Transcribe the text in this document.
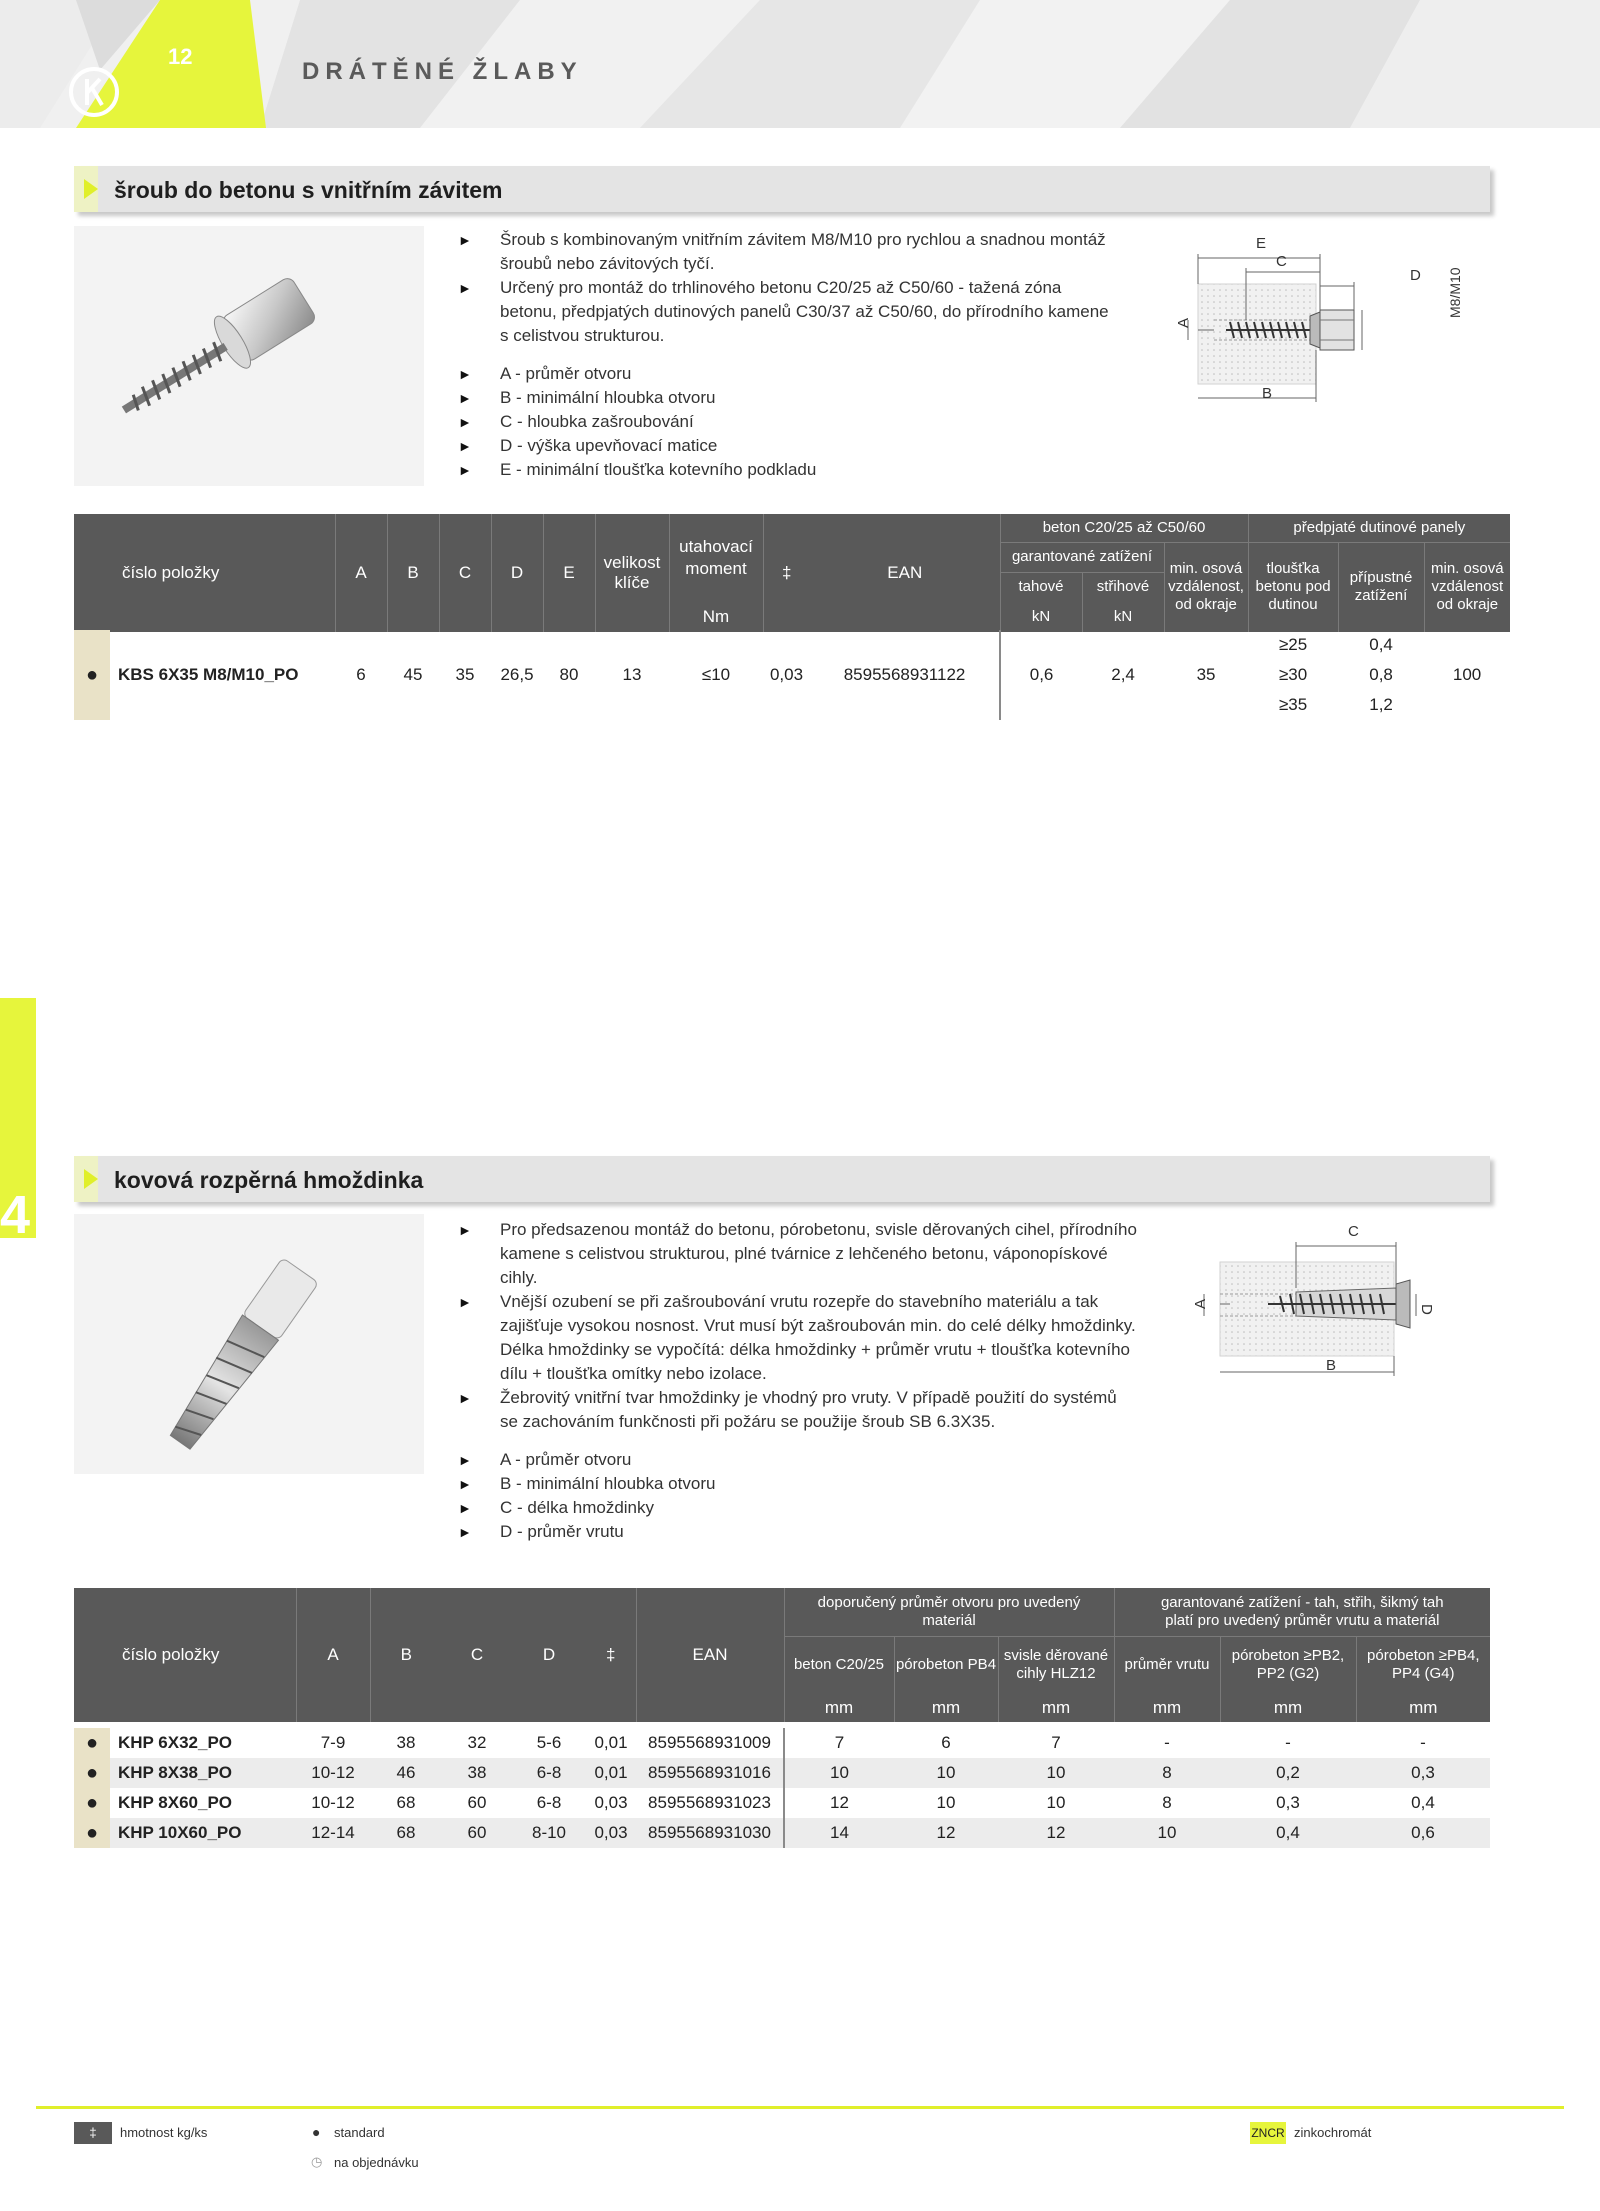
12
DRÁTĚNÉ ŽLABY
4
šroub do betonu s vnitřním závitem
► Šroub s kombinovaným vnitřním závitem M8/M10 pro rychlou a snadnou montáž šroubů nebo závitových tyčí.
► Určený pro montáž do trhlinového betonu C20/25 až C50/60 - tažená zóna betonu, předpjatých dutinových panelů C30/37 až C50/60, do přírodního kamene s celistvou strukturou.
► A - průměr otvoru
► B - minimální hloubka otvoru
► C - hloubka zašroubování
► D - výška upevňovací matice
► E - minimální tloušťka kotevního podkladu
E
C
D
B
A
M8/M10
číslo položky	A	B	C	D	E	velikost klíče	utahovací moment	‡	EAN	beton C20/25 až C50/60			předpjaté dutinové panely		
										garantované zatížení		min. osová vzdálenost, od okraje	tloušťka betonu pod dutinou	přípustné zatížení	min. osová vzdálenost od okraje
										tahové	střihové				
							Nm			kN	kN				
														≥25	0,4	
●	KBS 6X35 M8/M10_PO	6	45	35	26,5	80	13	≤10	0,03	8595568931122	0,6	2,4	35	≥30	0,8	100
														≥35	1,2	
kovová rozpěrná hmoždinka
► Pro předsazenou montáž do betonu, pórobetonu, svisle děrovaných cihel, přírodního kamene s celistvou strukturou, plné tvárnice z lehčeného betonu, váponopískové cihly.
► Vnější ozubení se při zašroubování vrutu rozepře do stavebního materiálu a tak zajišťuje vysokou nosnost. Vrut musí být zašroubován min. do celé délky hmoždinky. Délka hmoždinky se vypočítá: délka hmoždinky + průměr vrutu + tloušťka kotevního dílu + tloušťka omítky nebo izolace.
► Žebrovitý vnitřní tvar hmoždinky je vhodný pro vruty. V případě použití do systémů se zachováním funkčnosti při požáru se použije šroub SB 6.3X35.
► A - průměr otvoru
► B - minimální hloubka otvoru
► C - délka hmoždinky
► D - průměr vrutu
C
B
A
D
číslo položky	A	B	C	D	‡	EAN	doporučený průměr otvoru pro uvedený materiál			garantované zatížení - tah, střih, šikmý tah platí pro uvedený průměr vrutu a materiál		
							beton C20/25	pórobeton PB4	svisle děrované cihly HLZ12	průměr vrutu	pórobeton ≥PB2, PP2 (G2)	pórobeton ≥PB4, PP4 (G4)
							mm	mm	mm	mm	mm	mm
●	KHP 6X32_PO	7-9	38	32	5-6	0,01	8595568931009	7	6	7	-	-	-
●	KHP 8X38_PO	10-12	46	38	6-8	0,01	8595568931016	10	10	10	8	0,2	0,3
●	KHP 8X60_PO	10-12	68	60	6-8	0,03	8595568931023	12	10	10	8	0,3	0,4
●	KHP 10X60_PO	12-14	68	60	8-10	0,03	8595568931030	14	12	12	10	0,4	0,6
‡	hmotnost kg/ks	● standard
◷ na objednávku
ZNCR zinkochromát
